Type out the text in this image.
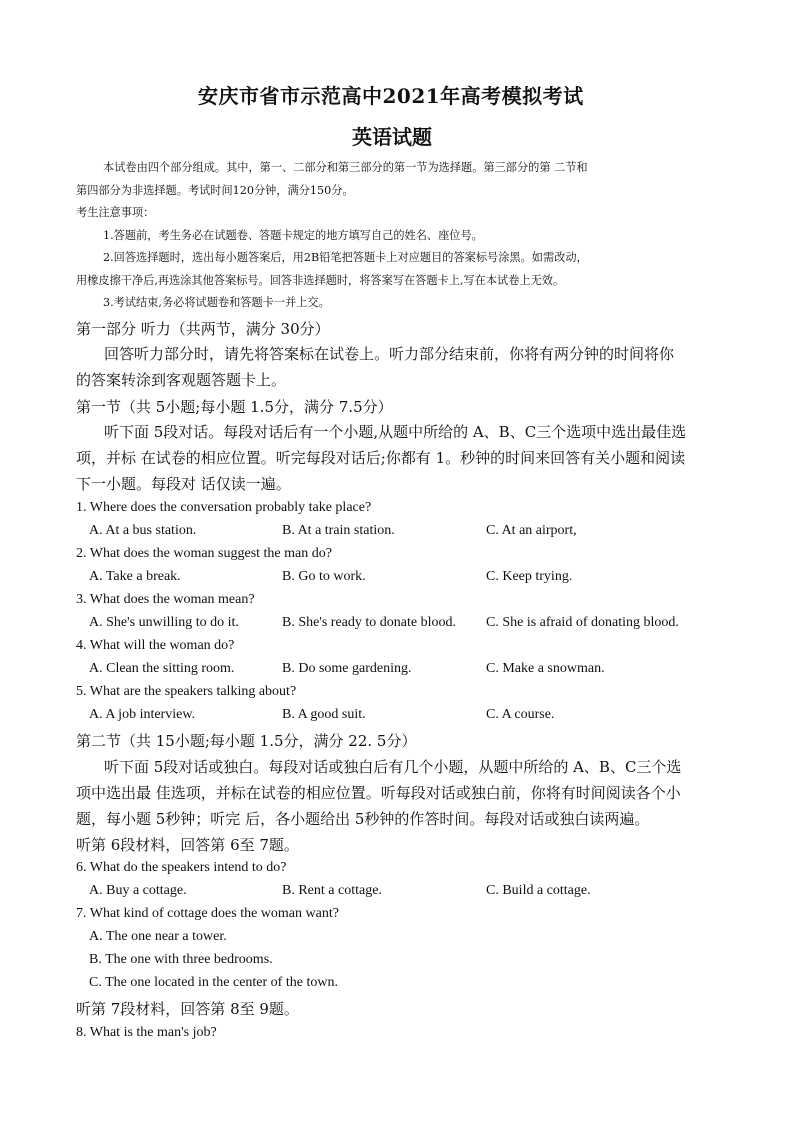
安庆市省市示范高中2021年高考模拟考试
英语试题
本试卷由四个部分组成。其中，第一、二部分和第三部分的第一节为选择题。第三部分的第 二节和
第四部分为非选择题。考试时间120分钟，满分150分。
考生注意事项：
1.答题前，考生务必在试题卷、答题卡规定的地方填写自己的姓名、座位号。
2.回答选择题时，选出每小题答案后，用2B铅笔把答题卡上对应题目的答案标号涂黑。如需改动，
用橡皮擦干净后,再选涂其他答案标号。回答非选择题时，将答案写在答题卡上,写在本试卷上无效。
3.考试结束,务必将试题卷和答题卡一并上交。
第一部分 听力（共两节，满分 30分）
回答听力部分时，请先将答案标在试卷上。听力部分结束前，你将有两分钟的时间将你
的答案转涂到客观题答题卡上。
第一节（共 5小题;每小题 1.5分，满分 7.5分）
听下面 5段对话。每段对话后有一个小题,从题中所给的 A、B、C三个选项中选出最佳选
项，并标 在试卷的相应位置。听完每段对话后;你都有 1。秒钟的时间来回答有关小题和阅读
下一小题。每段对 话仅读一遍。
1. Where does the conversation probably take place?
A. At a bus station.	B. At a train station.	C. At an airport,
2. What does the woman suggest the man do?
A. Take a break.	B. Go to work.	C. Keep trying.
3. What does the woman mean?
A. She's unwilling to do it.	B. She's ready to donate blood. C. She is afraid of donating blood.
4. What will the woman do?
A. Clean the sitting room.	B. Do some gardening.	C. Make a snowman.
5. What are the speakers talking about?
A. A job interview.	B. A good suit.	C. A course.
第二节（共 15小题;每小题 1.5分，满分 22. 5分）
听下面 5段对话或独白。每段对话或独白后有几个小题，从题中所给的 A、B、C三个选
项中选出最 佳选项，并标在试卷的相应位置。听每段对话或独白前，你将有时间阅读各个小
题，每小题 5秒钟；听完 后，各小题给出 5秒钟的作答时间。每段对话或独白读两遍。
听第 6段材料，回答第 6至 7题。
6. What do the speakers intend to do?
A. Buy a cottage.	B. Rent a cottage.	C. Build a cottage.
7. What kind of cottage does the woman want?
A. The one near a tower.
B. The one with three bedrooms.
C. The one located in the center of the town.
听第 7段材料，回答第 8至 9题。
8. What is the man's job?
